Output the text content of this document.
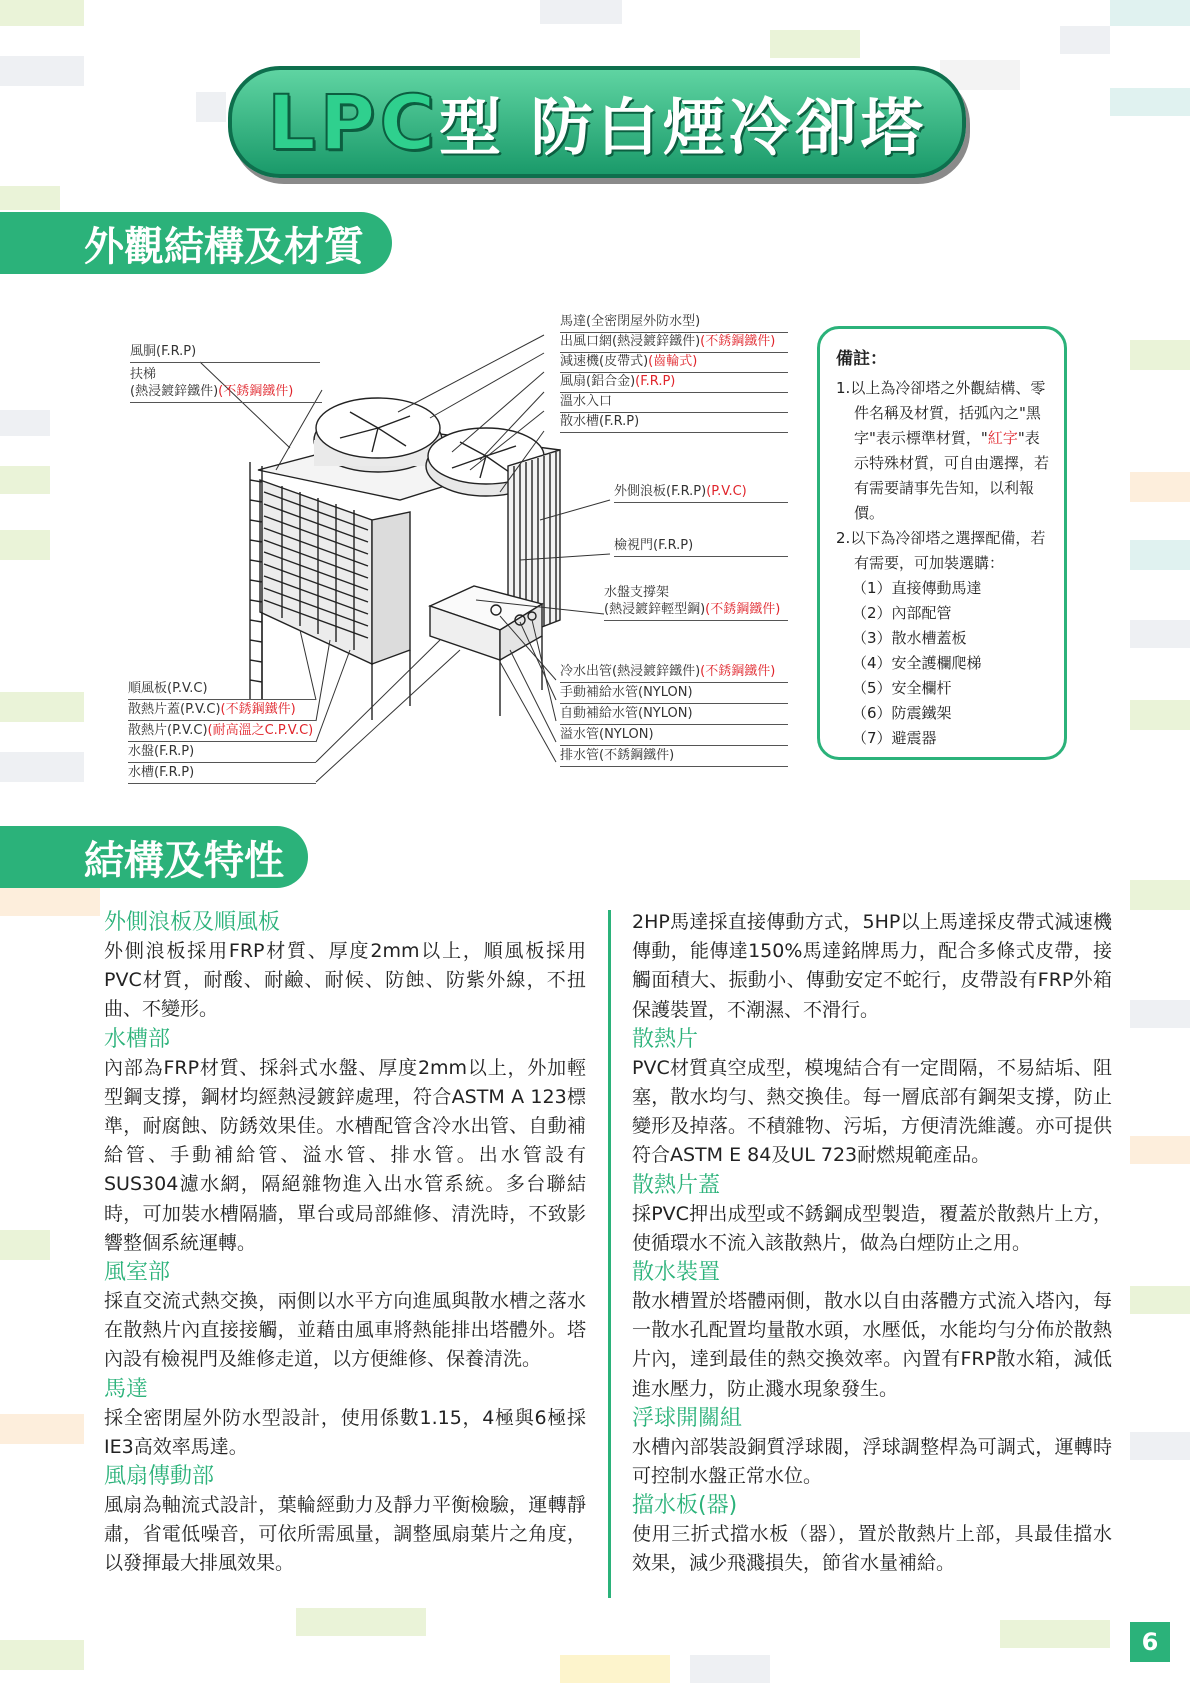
LPC型 防白煙冷卻塔
外觀結構及材質
風胴(F.R.P)
扶梯
(熱浸鍍鋅鐵件)(不銹鋼鐵件)
順風板(P.V.C)
散熱片蓋(P.V.C)(不銹鋼鐵件)
散熱片(P.V.C)(耐高溫之C.P.V.C)
水盤(F.R.P)
水槽(F.R.P)
馬達(全密閉屋外防水型)
出風口網(熱浸鍍鋅鐵件)(不銹鋼鐵件)
減速機(皮帶式)(齒輪式)
風扇(鋁合金)(F.R.P)
溫水入口
散水槽(F.R.P)
外側浪板(F.R.P)(P.V.C)
檢視門(F.R.P)
水盤支撐架
(熱浸鍍鋅輕型鋼)(不銹鋼鐵件)
冷水出管(熱浸鍍鋅鐵件)(不銹鋼鐵件)
手動補給水管(NYLON)
自動補給水管(NYLON)
溢水管(NYLON)
排水管(不銹鋼鐵件)
備註：
1.以上為冷卻塔之外觀結構、零件名稱及材質，括弧內之"黑字"表示標準材質，"紅字"表示特殊材質，可自由選擇，若有需要請事先告知，以利報價。
2.以下為冷卻塔之選擇配備，若有需要，可加裝選購：
（1）直接傳動馬達
（2）內部配管
（3）散水槽蓋板
（4）安全護欄爬梯
（5）安全欄杆
（6）防震鐵架
（7）避震器
結構及特性
外側浪板及順風板
外側浪板採用FRP材質、厚度2mm以上，順風板採用PVC材質，耐酸、耐鹼、耐候、防蝕、防紫外線，不扭曲、不變形。
水槽部
內部為FRP材質、採斜式水盤、厚度2mm以上，外加輕型鋼支撐，鋼材均經熱浸鍍鋅處理，符合ASTM A 123標準，耐腐蝕、防銹效果佳。水槽配管含冷水出管、自動補給管、手動補給管、溢水管、排水管。出水管設有SUS304濾水網，隔絕雜物進入出水管系統。多台聯結時，可加裝水槽隔牆，單台或局部維修、清洗時，不致影響整個系統運轉。
風室部
採直交流式熱交換，兩側以水平方向進風與散水槽之落水在散熱片內直接接觸，並藉由風車將熱能排出塔體外。塔內設有檢視門及維修走道，以方便維修、保養清洗。
馬達
採全密閉屋外防水型設計，使用係數1.15，4極與6極採IE3高效率馬達。
風扇傳動部
風扇為軸流式設計，葉輪經動力及靜力平衡檢驗，運轉靜肅，省電低噪音，可依所需風量，調整風扇葉片之角度，以發揮最大排風效果。
2HP馬達採直接傳動方式，5HP以上馬達採皮帶式減速機傳動，能傳達150%馬達銘牌馬力，配合多條式皮帶，接觸面積大、振動小、傳動安定不蛇行，皮帶設有FRP外箱保護裝置，不潮濕、不滑行。
散熱片
PVC材質真空成型，模塊結合有一定間隔，不易結垢、阻塞，散水均勻、熱交換佳。每一層底部有鋼架支撐，防止變形及掉落。不積雜物、污垢，方便清洗維護。亦可提供符合ASTM E 84及UL 723耐燃規範產品。
散熱片蓋
採PVC押出成型或不銹鋼成型製造，覆蓋於散熱片上方，使循環水不流入該散熱片，做為白煙防止之用。
散水裝置
散水槽置於塔體兩側，散水以自由落體方式流入塔內，每一散水孔配置均量散水頭，水壓低，水能均勻分佈於散熱片內，達到最佳的熱交換效率。內置有FRP散水箱，減低進水壓力，防止濺水現象發生。
浮球開關組
水槽內部裝設銅質浮球閥，浮球調整桿為可調式，運轉時可控制水盤正常水位。
擋水板(器)
使用三折式擋水板（器），置於散熱片上部，具最佳擋水效果，減少飛濺損失，節省水量補給。
6
